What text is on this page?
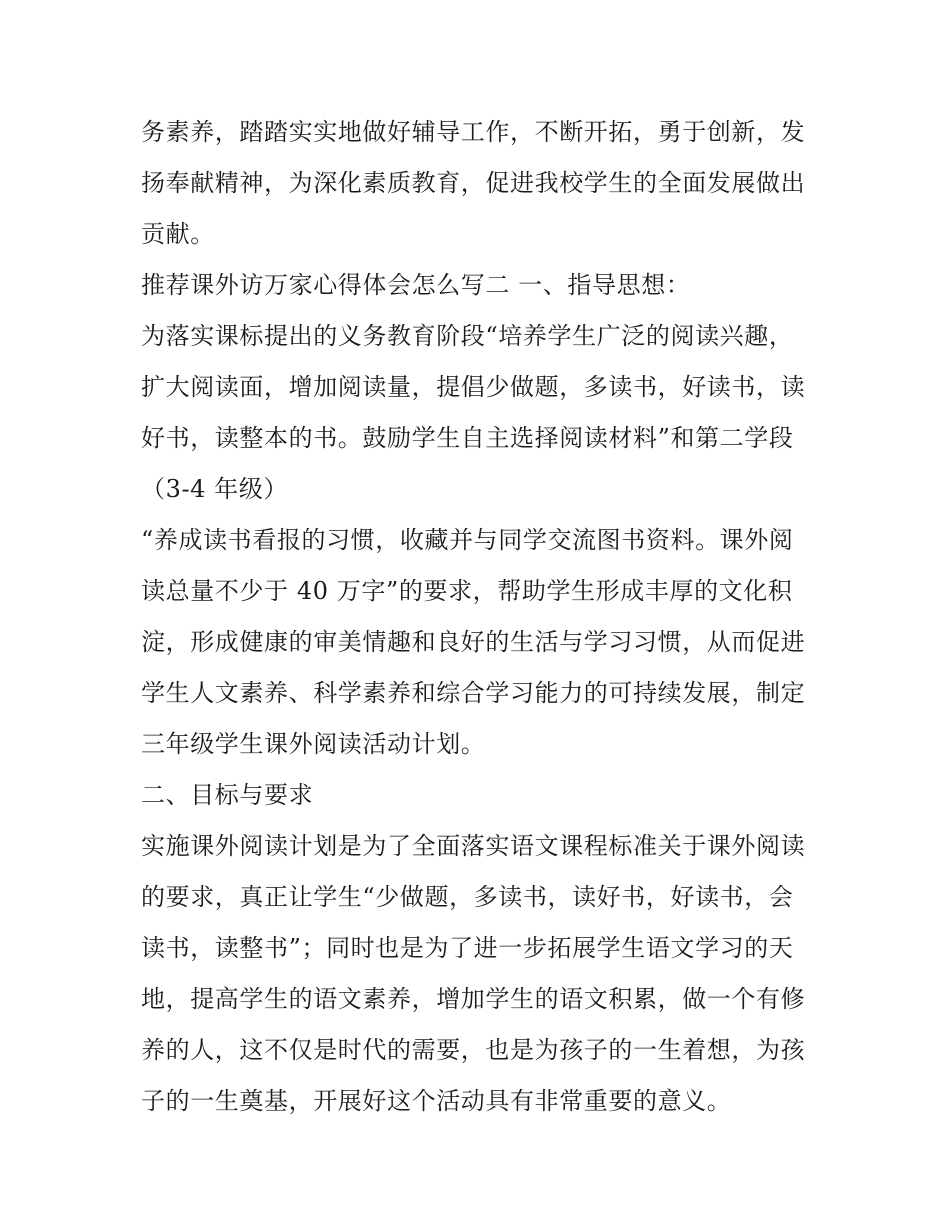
务素养，踏踏实实地做好辅导工作，不断开拓，勇于创新，发
扬奉献精神，为深化素质教育，促进我校学生的全面发展做出
贡献。
推荐课外访万家心得体会怎么写二 一、指导思想：
为落实课标提出的义务教育阶段“培养学生广泛的阅读兴趣，
扩大阅读面，增加阅读量，提倡少做题，多读书，好读书，读
好书，读整本的书。鼓励学生自主选择阅读材料”和第二学段
（3-4 年级）
“养成读书看报的习惯，收藏并与同学交流图书资料。课外阅
读总量不少于 40 万字”的要求，帮助学生形成丰厚的文化积
淀，形成健康的审美情趣和良好的生活与学习习惯，从而促进
学生人文素养、科学素养和综合学习能力的可持续发展，制定
三年级学生课外阅读活动计划。
二、目标与要求
实施课外阅读计划是为了全面落实语文课程标准关于课外阅读
的要求，真正让学生“少做题，多读书，读好书，好读书，会
读书，读整书”；同时也是为了进一步拓展学生语文学习的天
地，提高学生的语文素养，增加学生的语文积累，做一个有修
养的人，这不仅是时代的需要，也是为孩子的一生着想，为孩
子的一生奠基，开展好这个活动具有非常重要的意义。
